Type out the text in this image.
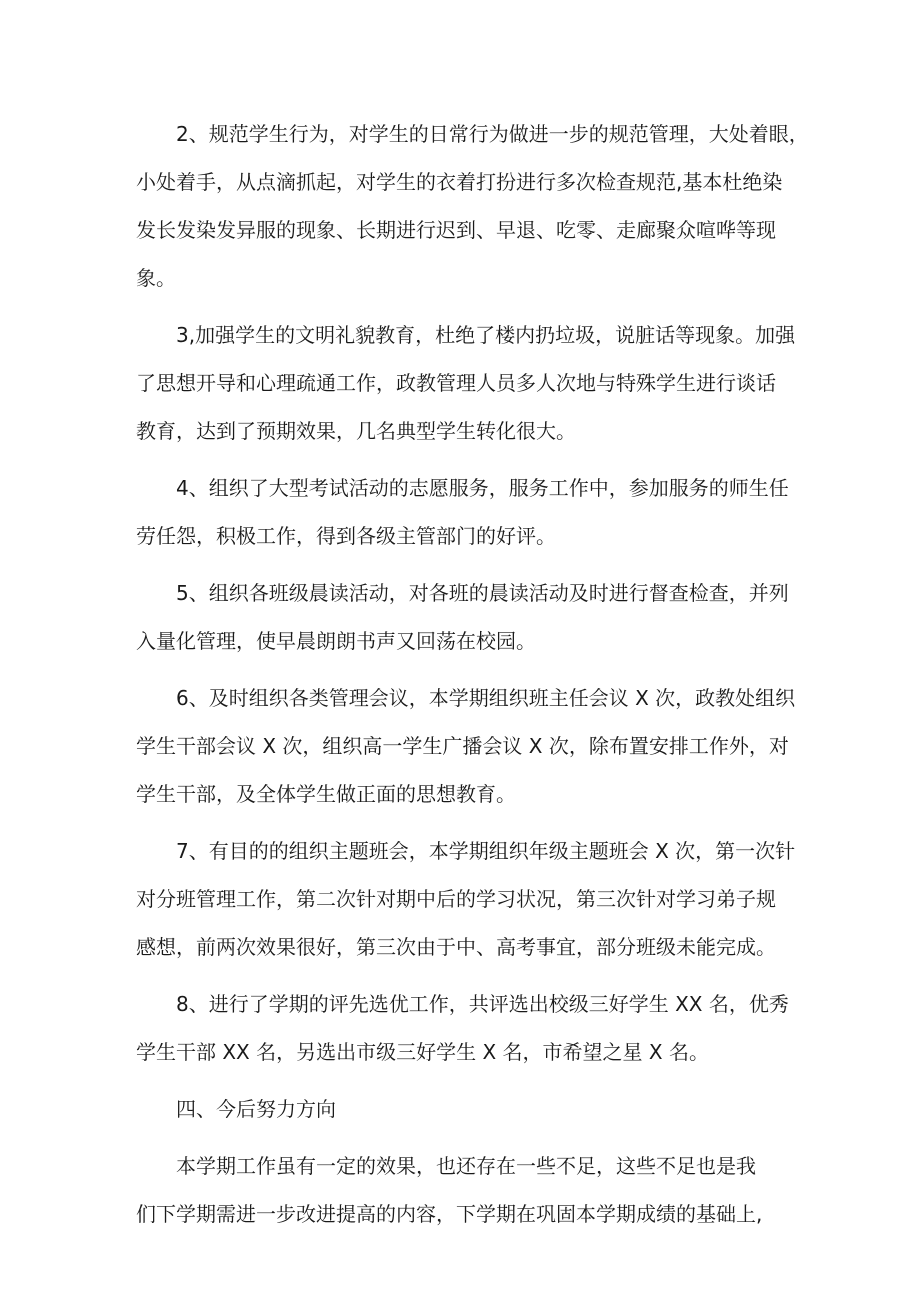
2、规范学生行为，对学生的日常行为做进一步的规范管理，大处着眼，
小处着手，从点滴抓起，对学生的衣着打扮进行多次检查规范,基本杜绝染
发长发染发异服的现象、长期进行迟到、早退、吃零、走廊聚众喧哗等现
象。
3,加强学生的文明礼貌教育，杜绝了楼内扔垃圾，说脏话等现象。加强
了思想开导和心理疏通工作，政教管理人员多人次地与特殊学生进行谈话
教育，达到了预期效果，几名典型学生转化很大。
4、组织了大型考试活动的志愿服务，服务工作中，参加服务的师生任
劳任怨，积极工作，得到各级主管部门的好评。
5、组织各班级晨读活动，对各班的晨读活动及时进行督查检查，并列
入量化管理，使早晨朗朗书声又回荡在校园。
6、及时组织各类管理会议，本学期组织班主任会议 X 次，政教处组织
学生干部会议 X 次，组织高一学生广播会议 X 次，除布置安排工作外，对
学生干部，及全体学生做正面的思想教育。
7、有目的的组织主题班会，本学期组织年级主题班会 X 次，第一次针
对分班管理工作，第二次针对期中后的学习状况，第三次针对学习弟子规
感想，前两次效果很好，第三次由于中、高考事宜，部分班级未能完成。
8、进行了学期的评先选优工作，共评选出校级三好学生 XX 名，优秀
学生干部 XX 名，另选出市级三好学生 X 名，市希望之星 X 名。
四、今后努力方向
本学期工作虽有一定的效果，也还存在一些不足，这些不足也是我
们下学期需进一步改进提高的内容，下学期在巩固本学期成绩的基础上,
